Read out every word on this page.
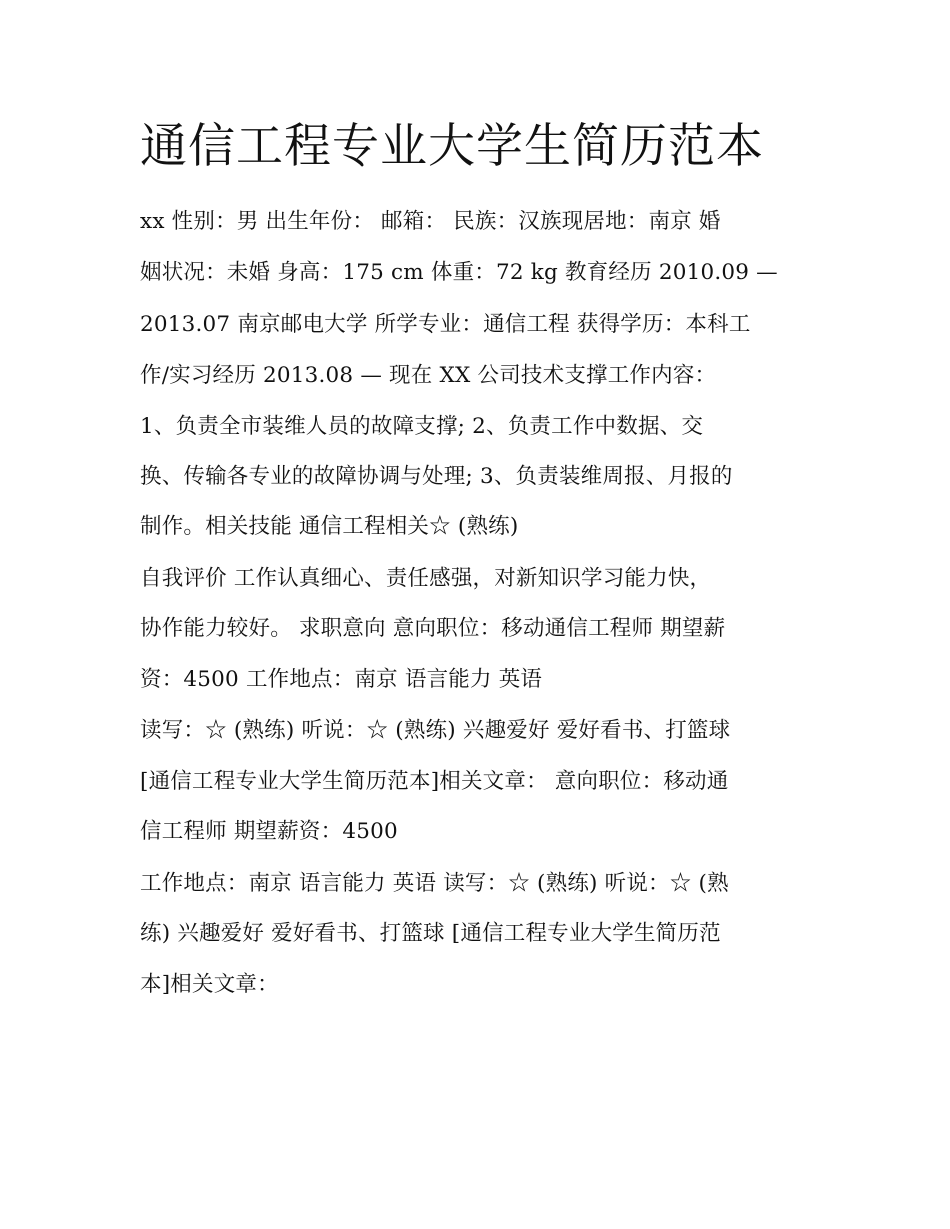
通信工程专业大学生简历范本

xx 性别：男 出生年份： 邮箱： 民族：汉族现居地：南京 婚

姻状况：未婚 身高：175 cm 体重：72 kg 教育经历 2010.09 —

2013.07 南京邮电大学 所学专业：通信工程 获得学历：本科工

作/实习经历 2013.08 — 现在 XX 公司技术支撑工作内容：

1、负责全市装维人员的故障支撑; 2、负责工作中数据、交

换、传输各专业的故障协调与处理; 3、负责装维周报、月报的

制作。相关技能 通信工程相关☆ (熟练)

自我评价 工作认真细心、责任感强，对新知识学习能力快，

协作能力较好。 求职意向 意向职位：移动通信工程师 期望薪

资：4500 工作地点：南京 语言能力 英语

读写：☆ (熟练) 听说：☆ (熟练) 兴趣爱好 爱好看书、打篮球

[通信工程专业大学生简历范本]相关文章： 意向职位：移动通

信工程师 期望薪资：4500

工作地点：南京 语言能力 英语 读写：☆ (熟练) 听说：☆ (熟

练) 兴趣爱好 爱好看书、打篮球 [通信工程专业大学生简历范

本]相关文章：
